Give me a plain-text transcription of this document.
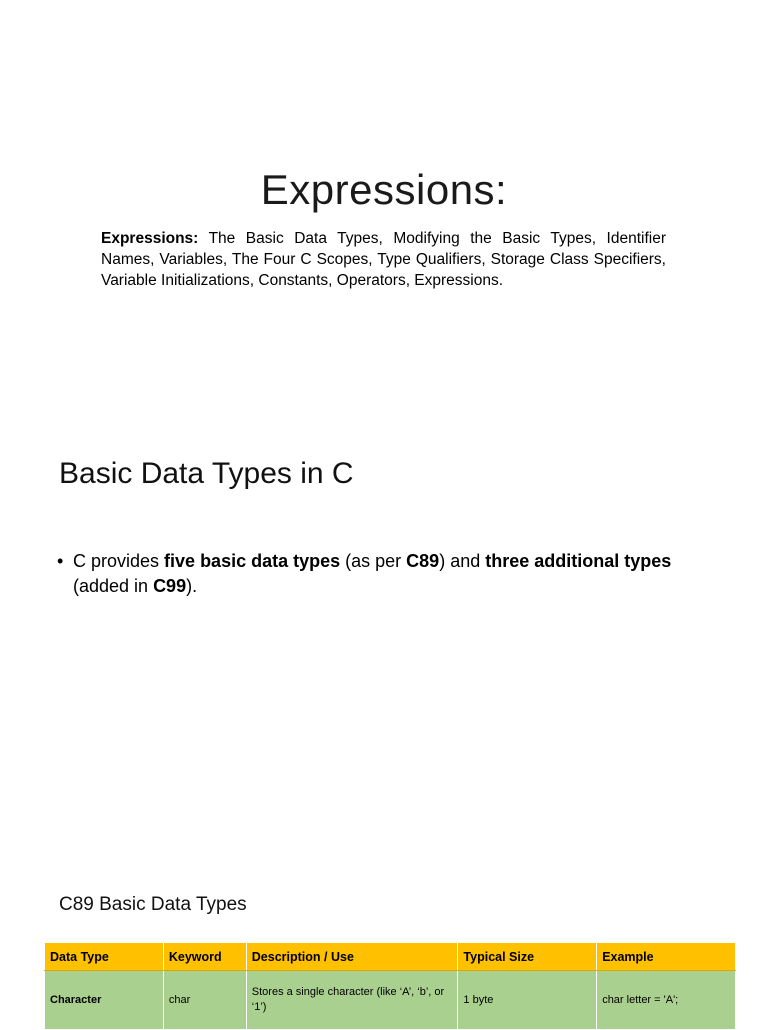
Expressions:
Expressions: The Basic Data Types, Modifying the Basic Types, Identifier Names, Variables, The Four C Scopes, Type Qualifiers, Storage Class Specifiers, Variable Initializations, Constants, Operators, Expressions.
Basic Data Types in C
• C provides five basic data types (as per C89) and three additional types (added in C99).
C89 Basic Data Types
Data Type	Keyword	Description / Use	Typical Size	Example
Character	char	Stores a single character (like ‘A’, ‘b’, or ‘1’)	1 byte	char letter = 'A';
